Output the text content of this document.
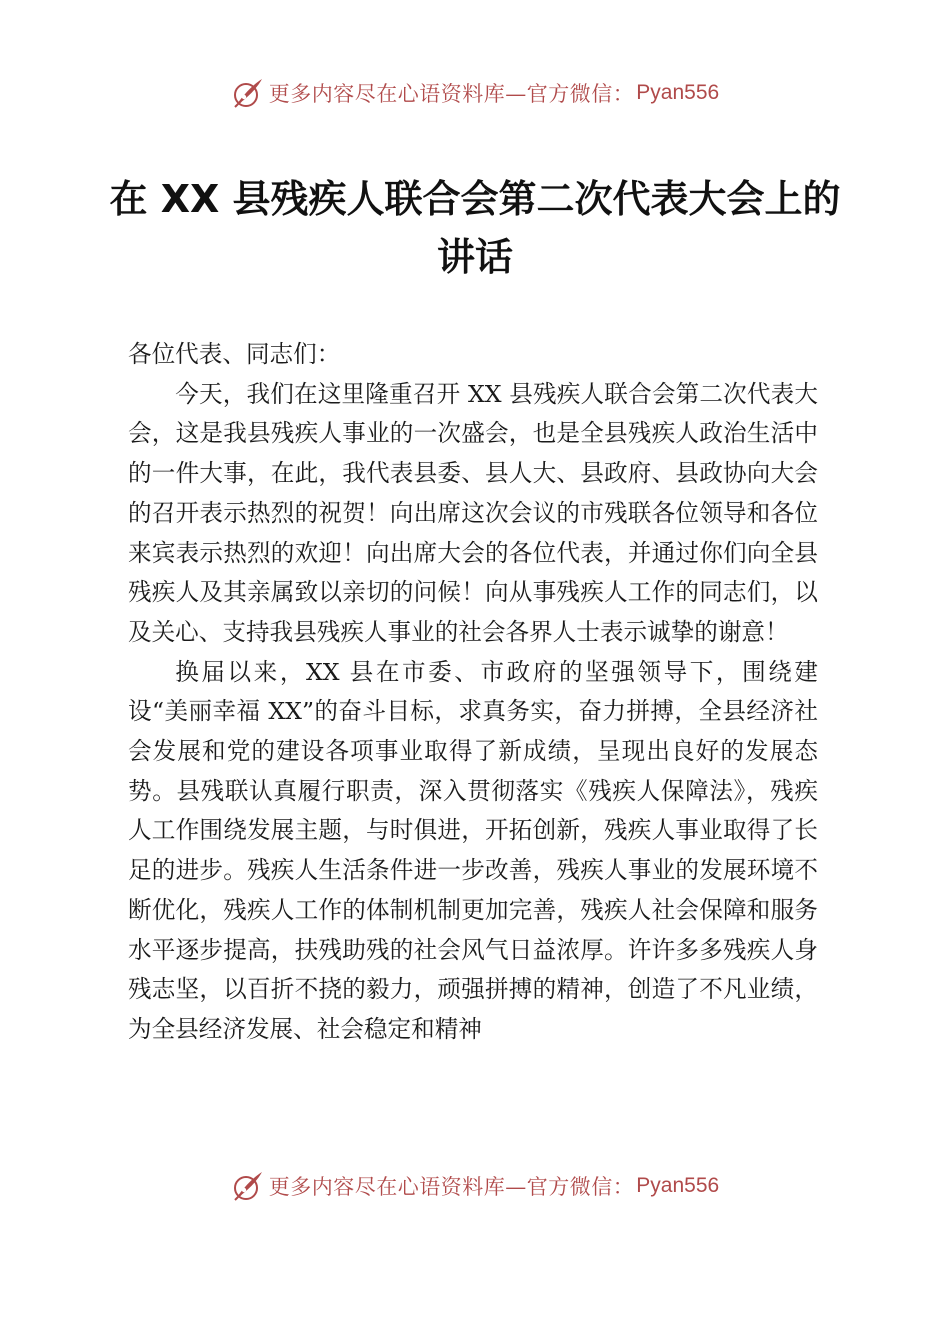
更多内容尽在心语资料库—官方微信： Pyan556
在 XX 县残疾人联合会第二次代表大会上的讲话

各位代表、同志们：

今天，我们在这里隆重召开 XX 县残疾人联合会第二次代表大会，这是我县残疾人事业的一次盛会，也是全县残疾人政治生活中的一件大事，在此，我代表县委、县人大、县政府、县政协向大会的召开表示热烈的祝贺！向出席这次会议的市残联各位领导和各位来宾表示热烈的欢迎！向出席大会的各位代表，并通过你们向全县残疾人及其亲属致以亲切的问候！向从事残疾人工作的同志们，以及关心、支持我县残疾人事业的社会各界人士表示诚挚的谢意！

换届以来，XX 县在市委、市政府的坚强领导下，围绕建设“美丽幸福 XX”的奋斗目标，求真务实，奋力拼搏，全县经济社会发展和党的建设各项事业取得了新成绩，呈现出良好的发展态势。县残联认真履行职责，深入贯彻落实《残疾人保障法》，残疾人工作围绕发展主题，与时俱进，开拓创新，残疾人事业取得了长足的进步。残疾人生活条件进一步改善，残疾人事业的发展环境不断优化，残疾人工作的体制机制更加完善，残疾人社会保障和服务水平逐步提高，扶残助残的社会风气日益浓厚。许许多多残疾人身残志坚，以百折不挠的毅力，顽强拼搏的精神，创造了不凡业绩，为全县经济发展、社会稳定和精神

更多内容尽在心语资料库—官方微信： Pyan556
